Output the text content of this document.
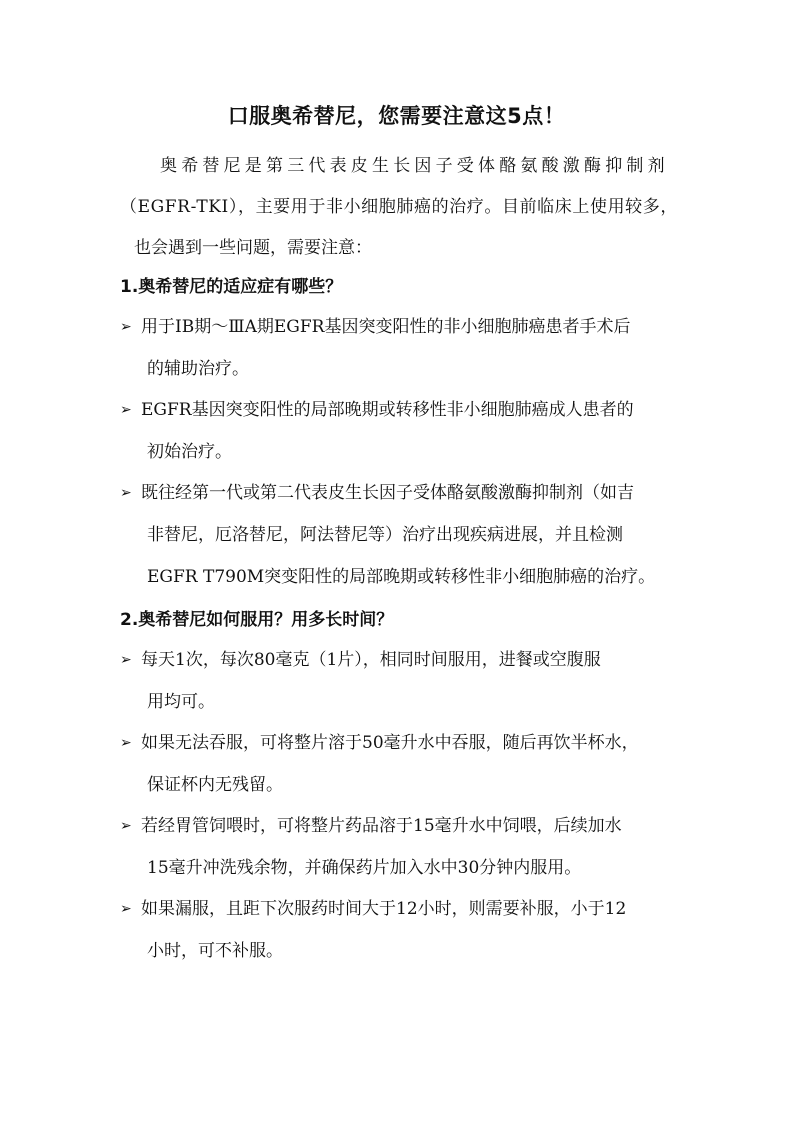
口服奥希替尼，您需要注意这5点！
奥希替尼是第三代表皮生长因子受体酪氨酸激酶抑制剂
（EGFR-TKI），主要用于非小细胞肺癌的治疗。目前临床上使用较多，
也会遇到一些问题，需要注意：
1.奥希替尼的适应症有哪些？
➢ 用于ⅠB期～ⅢA期EGFR基因突变阳性的非小细胞肺癌患者手术后
的辅助治疗。
➢ EGFR基因突变阳性的局部晚期或转移性非小细胞肺癌成人患者的
初始治疗。
➢ 既往经第一代或第二代表皮生长因子受体酪氨酸激酶抑制剂（如吉
非替尼，厄洛替尼，阿法替尼等）治疗出现疾病进展，并且检测
EGFR T790M突变阳性的局部晚期或转移性非小细胞肺癌的治疗。
2.奥希替尼如何服用？用多长时间？
➢ 每天1次，每次80毫克（1片），相同时间服用，进餐或空腹服
用均可。
➢ 如果无法吞服，可将整片溶于50毫升水中吞服，随后再饮半杯水，
保证杯内无残留。
➢ 若经胃管饲喂时，可将整片药品溶于15毫升水中饲喂，后续加水
15毫升冲洗残余物，并确保药片加入水中30分钟内服用。
➢ 如果漏服，且距下次服药时间大于12小时，则需要补服，小于12
小时，可不补服。
